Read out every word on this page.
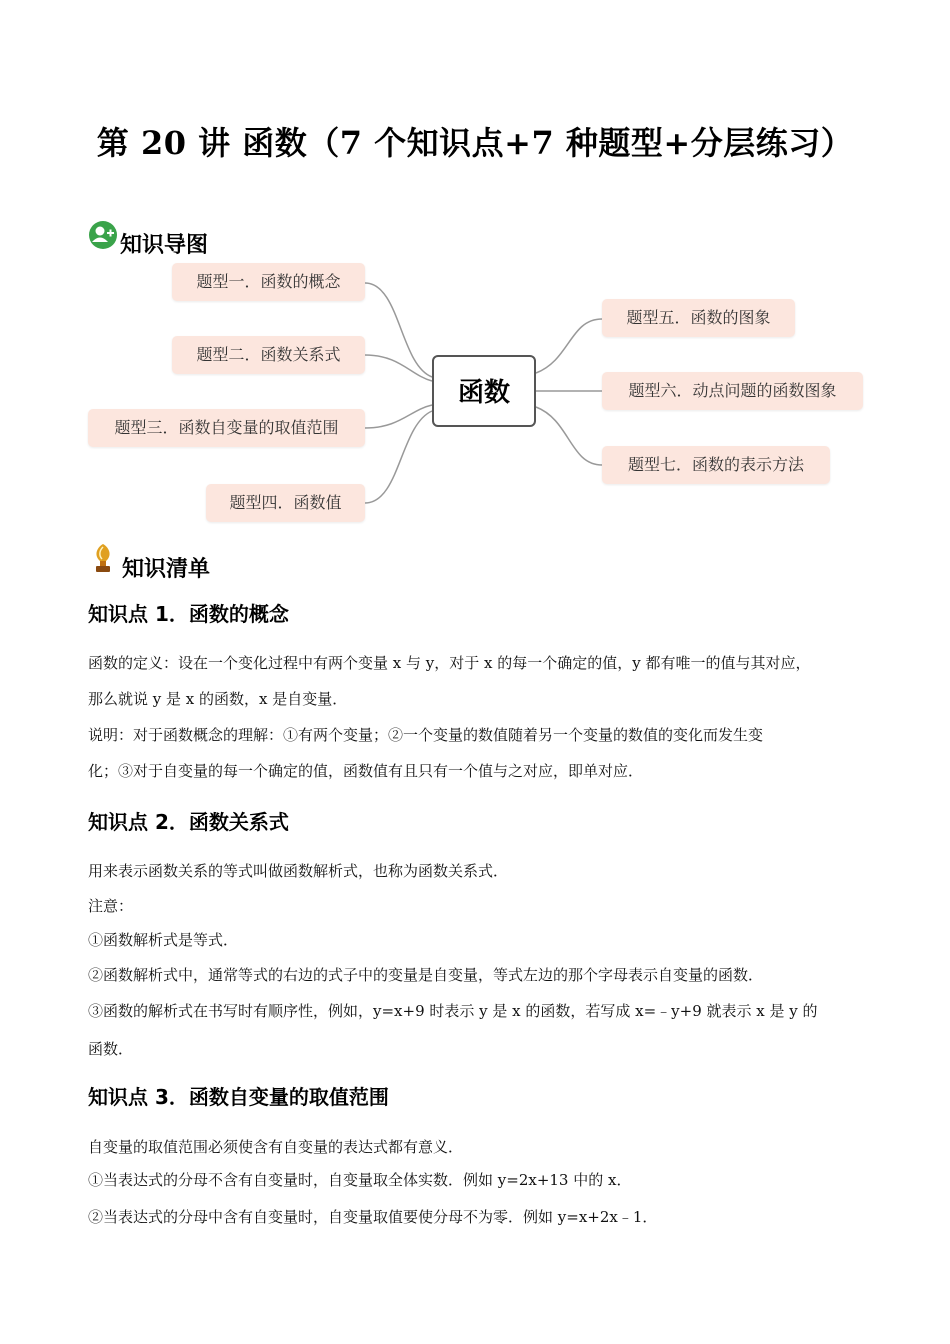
第 20 讲 函数（7 个知识点+7 种题型+分层练习）
知识导图
题型一．函数的概念
题型二．函数关系式
题型三．函数自变量的取值范围
题型四．函数值
函数
题型五．函数的图象
题型六．动点问题的函数图象
题型七．函数的表示方法
知识清单
知识点 1．函数的概念
函数的定义：设在一个变化过程中有两个变量 x 与 y，对于 x 的每一个确定的值，y 都有唯一的值与其对应，
那么就说 y 是 x 的函数，x 是自变量．
说明：对于函数概念的理解：①有两个变量；②一个变量的数值随着另一个变量的数值的变化而发生变
化；③对于自变量的每一个确定的值，函数值有且只有一个值与之对应，即单对应．
知识点 2．函数关系式
用来表示函数关系的等式叫做函数解析式，也称为函数关系式．
注意：
①函数解析式是等式．
②函数解析式中，通常等式的右边的式子中的变量是自变量，等式左边的那个字母表示自变量的函数．
③函数的解析式在书写时有顺序性，例如，y=x+9 时表示 y 是 x 的函数，若写成 x=﹣y+9 就表示 x 是 y 的
函数．
知识点 3．函数自变量的取值范围
自变量的取值范围必须使含有自变量的表达式都有意义．
①当表达式的分母不含有自变量时，自变量取全体实数．例如 y=2x+13 中的 x．
②当表达式的分母中含有自变量时，自变量取值要使分母不为零．例如 y=x+2x﹣1．
